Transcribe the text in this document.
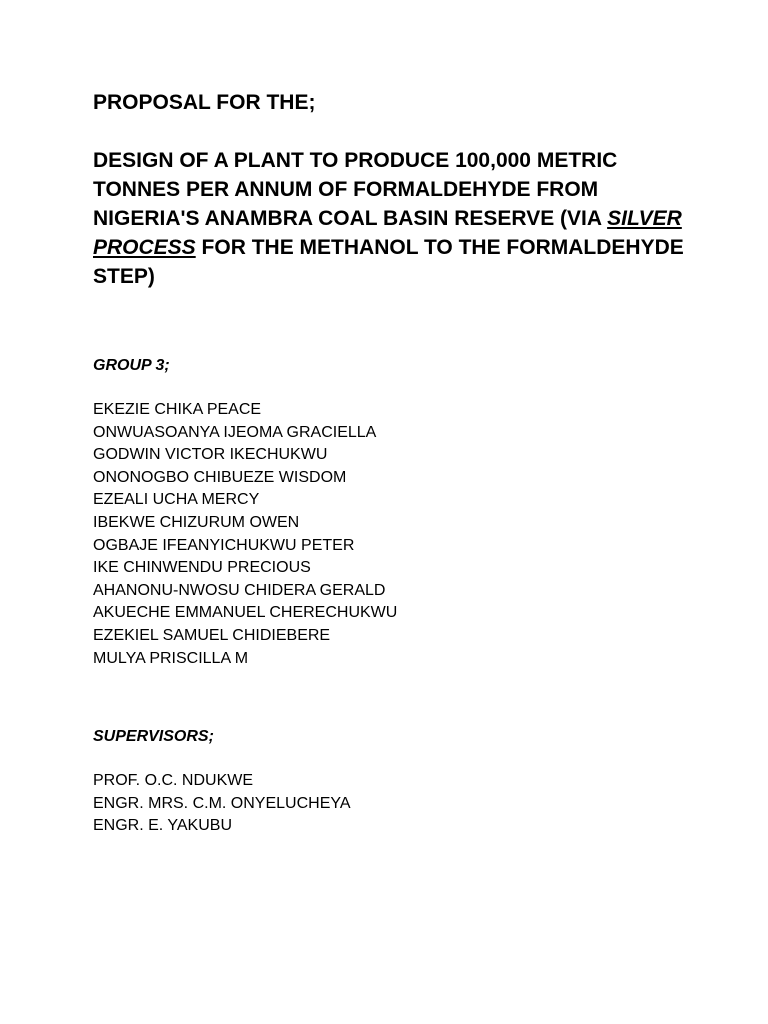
PROPOSAL FOR THE;

DESIGN OF A PLANT TO PRODUCE 100,000 METRIC TONNES PER ANNUM OF FORMALDEHYDE FROM NIGERIA'S ANAMBRA COAL BASIN RESERVE (VIA SILVER PROCESS FOR THE METHANOL TO THE FORMALDEHYDE STEP)

GROUP 3;

EKEZIE CHIKA PEACE
ONWUASOANYA IJEOMA GRACIELLA
GODWIN VICTOR IKECHUKWU
ONONOGBO CHIBUEZE WISDOM
EZEALI UCHA MERCY
IBEKWE CHIZURUM OWEN
OGBAJE IFEANYICHUKWU PETER
IKE CHINWENDU PRECIOUS
AHANONU-NWOSU CHIDERA GERALD
AKUECHE EMMANUEL CHERECHUKWU
EZEKIEL SAMUEL CHIDIEBERE
MULYA PRISCILLA M

SUPERVISORS;

PROF. O.C. NDUKWE
ENGR. MRS. C.M. ONYELUCHEYA
ENGR. E. YAKUBU
